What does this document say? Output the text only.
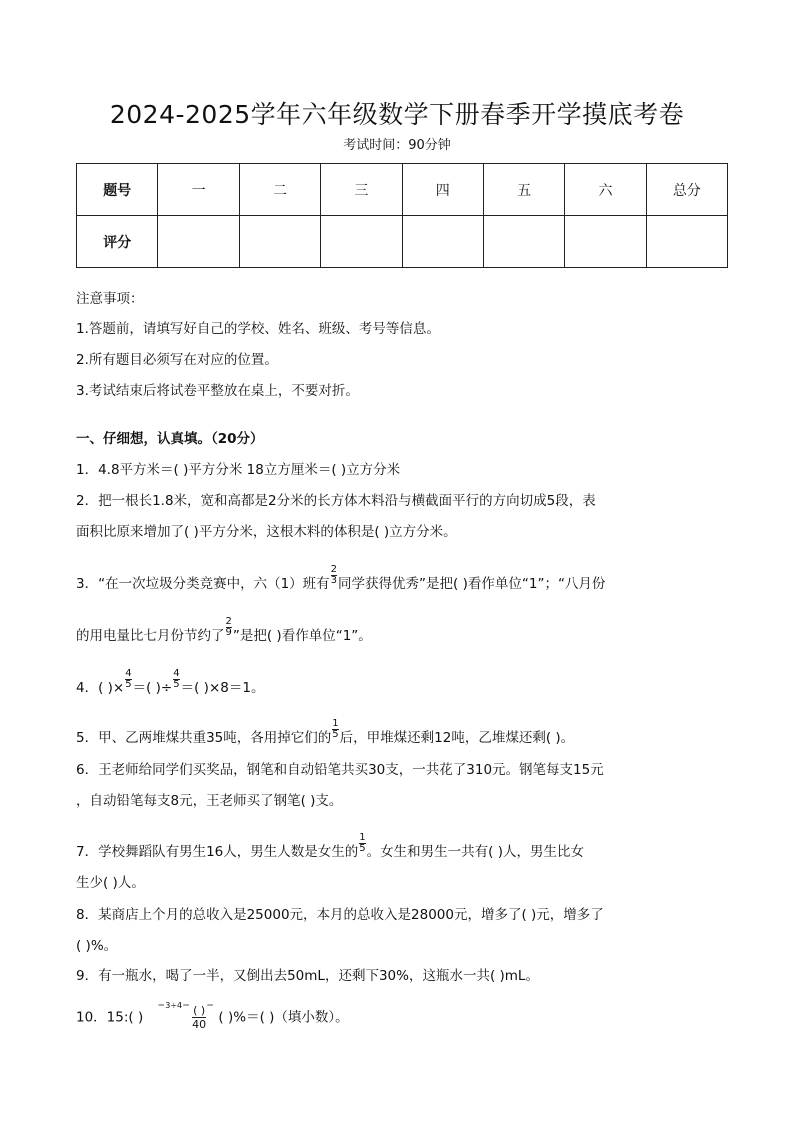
2024-2025学年六年级数学下册春季开学摸底考卷
考试时间：90分钟
题号	一	二	三	四	五	六	总分
评分							
注意事项：
1.答题前，请填写好自己的学校、姓名、班级、考号等信息。
2.所有题目必须写在对应的位置。
3.考试结束后将试卷平整放在桌上，不要对折。
一、仔细想，认真填。（20分）
1．4.8平方米＝( )平方分米 18立方厘米＝( )立方分米
2．把一根长1.8米，宽和高都是2分米的长方体木料沿与横截面平行的方向切成5段，表
面积比原来增加了( )平方分米，这根木料的体积是( )立方分米。
3．“在一次垃圾分类竞赛中，六（1）班有 $\frac{2}{3}$ 同学获得优秀”是把( )看作单位“1”；“八月份
的用电量比七月份节约了 $\frac{2}{9}$ ”是把( )看作单位“1”。
4．( )× $\frac{4}{5}$ ＝( )÷ $\frac{4}{5}$ ＝( )×8＝1。
5．甲、乙两堆煤共重35吨，各用掉它们的 $\frac{1}{5}$ 后，甲堆煤还剩12吨，乙堆煤还剩( )。
6．王老师给同学们买奖品，钢笔和自动铅笔共买30支，一共花了310元。钢笔每支15元
，自动铅笔每支8元，王老师买了钢笔( )支。
7．学校舞蹈队有男生16人，男生人数是女生的 $\frac{1}{5}$ 。女生和男生一共有( )人，男生比女
生少( )人。
8．某商店上个月的总收入是25000元，本月的总收入是28000元，增多了( )元，增多了
( )%。
9．有一瓶水，喝了一半，又倒出去50mL，还剩下30%，这瓶水一共( )mL。
10．15:( )＝3÷4＝ ( )
40
＝ ( )%＝( )（填小数）。
